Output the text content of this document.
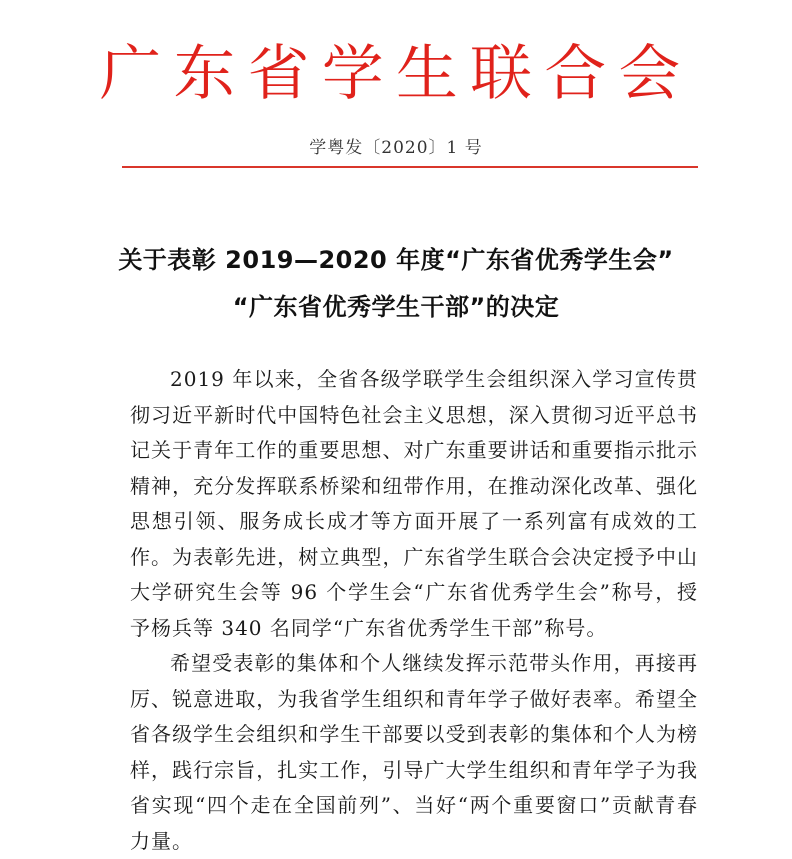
广东省学生联合会
学粤发〔2020〕1 号
关于表彰 2019—2020 年度“广东省优秀学生会”
“广东省优秀学生干部”的决定

2019 年以来，全省各级学联学生会组织深入学习宣传贯彻习近平新时代中国特色社会主义思想，深入贯彻习近平总书记关于青年工作的重要思想、对广东重要讲话和重要指示批示精神，充分发挥联系桥梁和纽带作用，在推动深化改革、强化思想引领、服务成长成才等方面开展了一系列富有成效的工作。为表彰先进，树立典型，广东省学生联合会决定授予中山大学研究生会等 96 个学生会“广东省优秀学生会”称号，授予杨兵等 340 名同学“广东省优秀学生干部”称号。

希望受表彰的集体和个人继续发挥示范带头作用，再接再厉、锐意进取，为我省学生组织和青年学子做好表率。希望全省各级学生会组织和学生干部要以受到表彰的集体和个人为榜样，践行宗旨，扎实工作，引导广大学生组织和青年学子为我省实现“四个走在全国前列”、当好“两个重要窗口”贡献青春力量。
